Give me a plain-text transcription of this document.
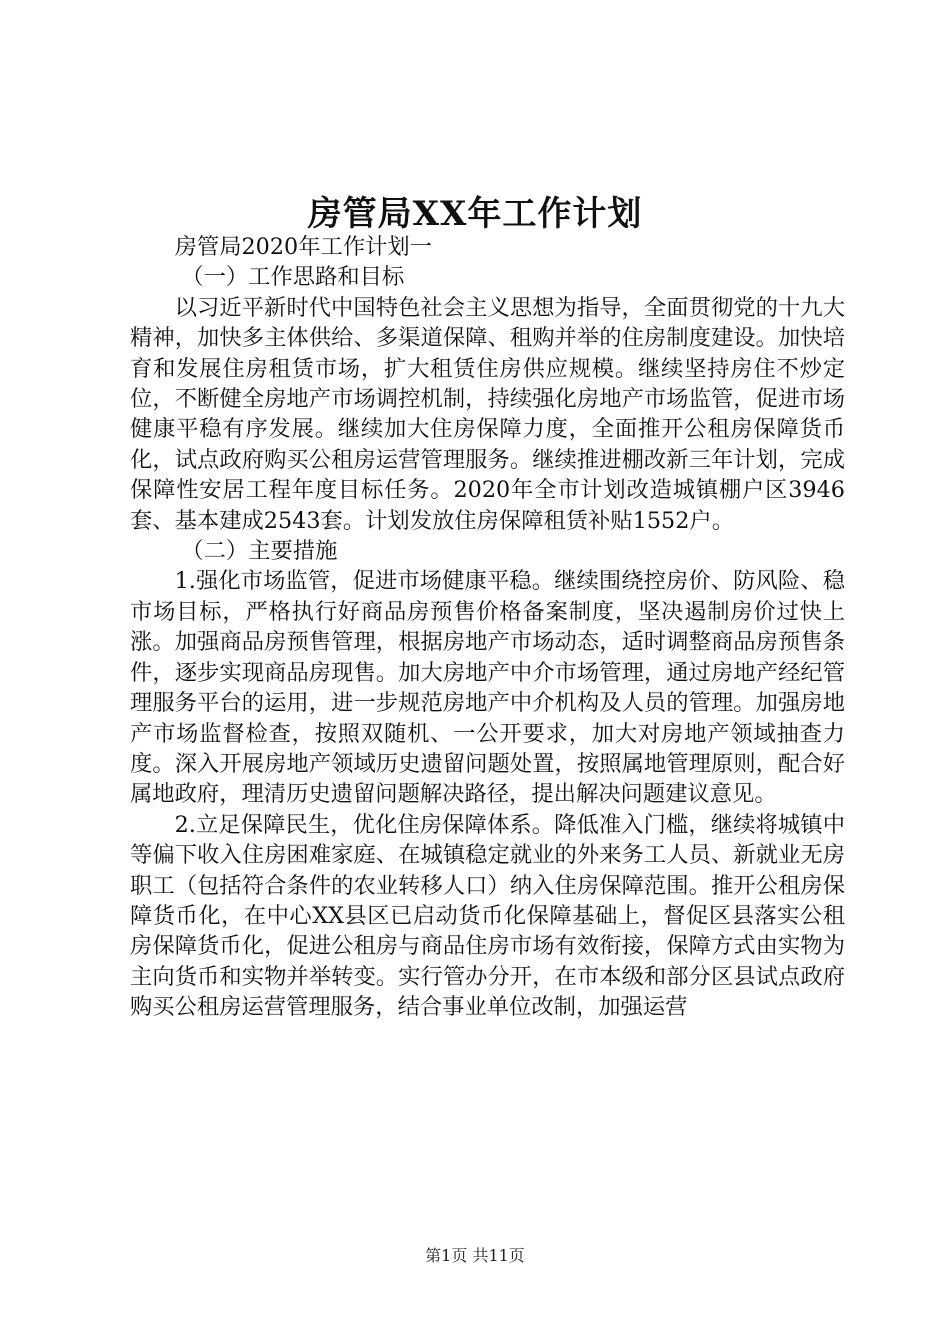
房管局XX年工作计划

房管局2020年工作计划一

（一）工作思路和目标

以习近平新时代中国特色社会主义思想为指导，全面贯彻党的十九大精神，加快多主体供给、多渠道保障、租购并举的住房制度建设。加快培育和发展住房租赁市场，扩大租赁住房供应规模。继续坚持房住不炒定位，不断健全房地产市场调控机制，持续强化房地产市场监管，促进市场健康平稳有序发展。继续加大住房保障力度，全面推开公租房保障货币化，试点政府购买公租房运营管理服务。继续推进棚改新三年计划，完成保障性安居工程年度目标任务。2020年全市计划改造城镇棚户区3946套、基本建成2543套。计划发放住房保障租赁补贴1552户。

（二）主要措施

1.强化市场监管，促进市场健康平稳。继续围绕控房价、防风险、稳市场目标，严格执行好商品房预售价格备案制度，坚决遏制房价过快上涨。加强商品房预售管理，根据房地产市场动态，适时调整商品房预售条件，逐步实现商品房现售。加大房地产中介市场管理，通过房地产经纪管理服务平台的运用，进一步规范房地产中介机构及人员的管理。加强房地产市场监督检查，按照双随机、一公开要求，加大对房地产领域抽查力度。深入开展房地产领域历史遗留问题处置，按照属地管理原则，配合好属地政府，理清历史遗留问题解决路径，提出解决问题建议意见。

2.立足保障民生，优化住房保障体系。降低准入门槛，继续将城镇中等偏下收入住房困难家庭、在城镇稳定就业的外来务工人员、新就业无房职工（包括符合条件的农业转移人口）纳入住房保障范围。推开公租房保障货币化，在中心XX县区已启动货币化保障基础上，督促区县落实公租房保障货币化，促进公租房与商品住房市场有效衔接，保障方式由实物为主向货币和实物并举转变。实行管办分开，在市本级和部分区县试点政府购买公租房运营管理服务，结合事业单位改制，加强运营

第1页 共11页
